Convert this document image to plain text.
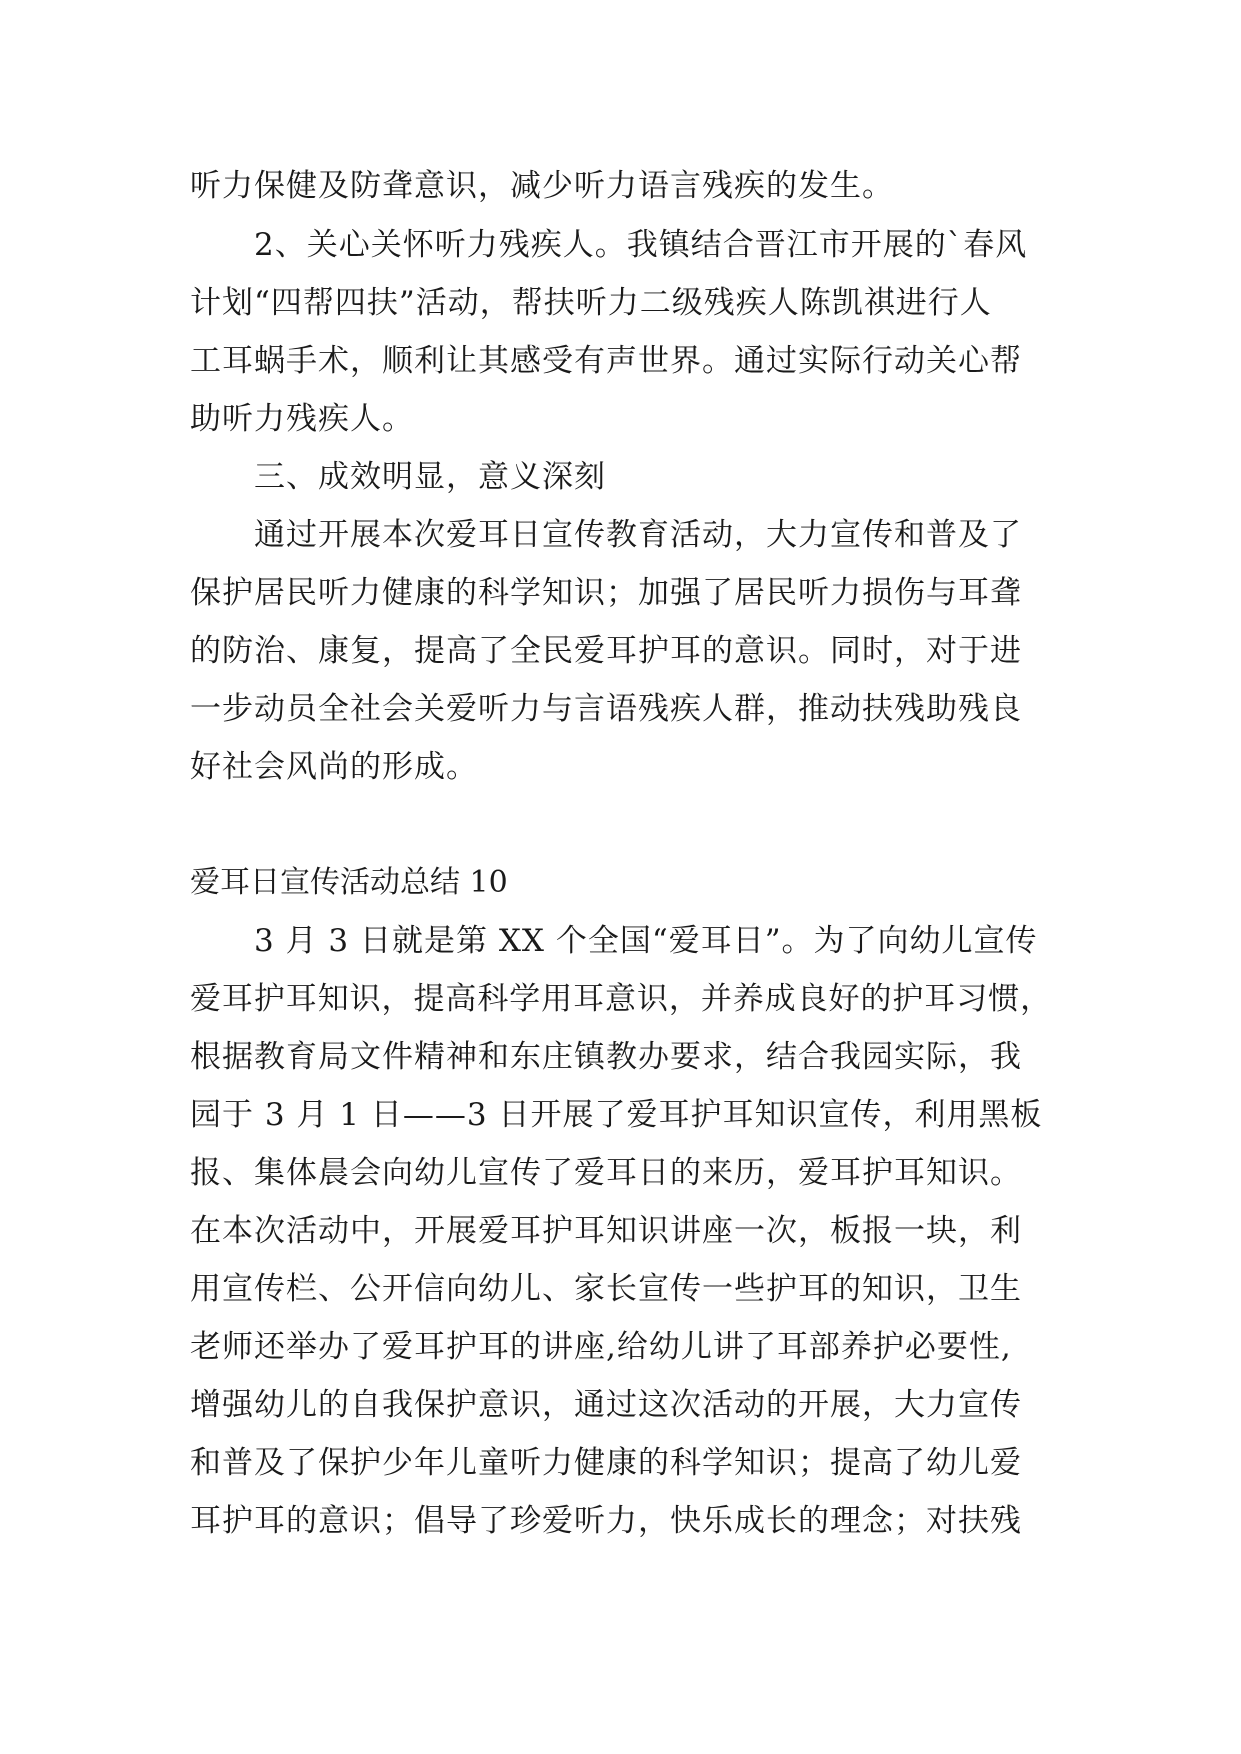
听力保健及防聋意识，减少听力语言残疾的发生。
2、关心关怀听力残疾人。我镇结合晋江市开展的`春风
计划“四帮四扶”活动，帮扶听力二级残疾人陈凯祺进行人
工耳蜗手术，顺利让其感受有声世界。通过实际行动关心帮
助听力残疾人。
三、成效明显，意义深刻
通过开展本次爱耳日宣传教育活动，大力宣传和普及了
保护居民听力健康的科学知识；加强了居民听力损伤与耳聋
的防治、康复，提高了全民爱耳护耳的意识。同时，对于进
一步动员全社会关爱听力与言语残疾人群，推动扶残助残良
好社会风尚的形成。
爱耳日宣传活动总结 10
3 月 3 日就是第 XX 个全国“爱耳日”。为了向幼儿宣传
爱耳护耳知识，提高科学用耳意识，并养成良好的护耳习惯，
根据教育局文件精神和东庄镇教办要求，结合我园实际，我
园于 3 月 1 日——3 日开展了爱耳护耳知识宣传，利用黑板
报、集体晨会向幼儿宣传了爱耳日的来历，爱耳护耳知识。
在本次活动中，开展爱耳护耳知识讲座一次，板报一块，利
用宣传栏、公开信向幼儿、家长宣传一些护耳的知识，卫生
老师还举办了爱耳护耳的讲座,给幼儿讲了耳部养护必要性,
增强幼儿的自我保护意识，通过这次活动的开展，大力宣传
和普及了保护少年儿童听力健康的科学知识；提高了幼儿爱
耳护耳的意识；倡导了珍爱听力，快乐成长的理念；对扶残
